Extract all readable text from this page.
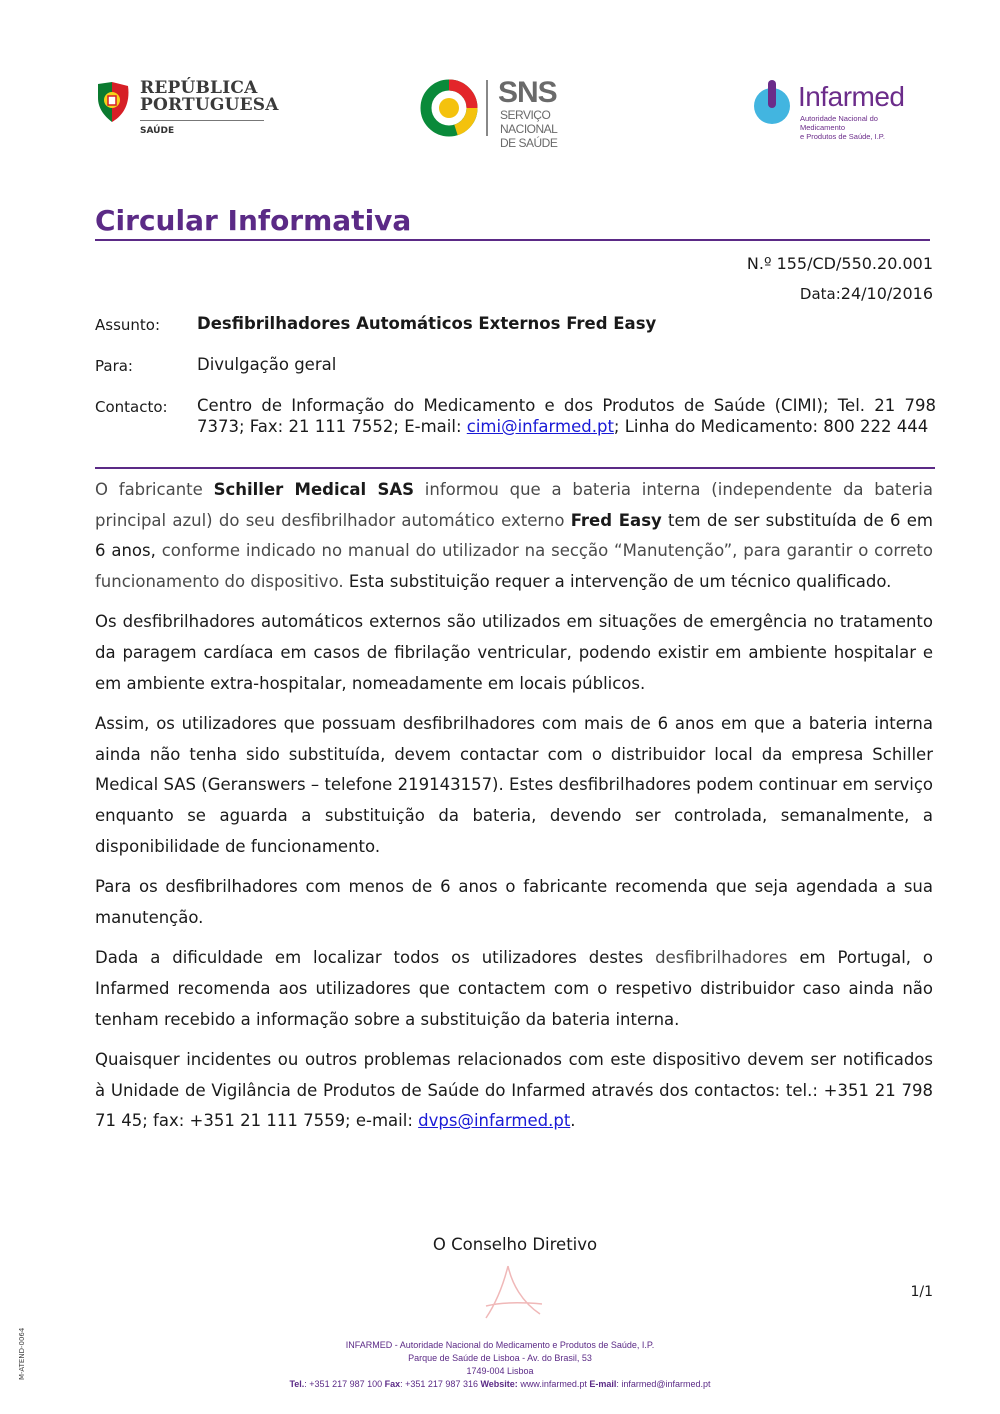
REPÚBLICA
PORTUGUESA
SAÚDE
SNS
SERVIÇO NACIONAL
DE SAÚDE
Infarmed
Autoridade Nacional do Medicamento
e Produtos de Saúde, I.P.
Circular Informativa
N.º 155/CD/550.20.001
Data:24/10/2016
Assunto: Desfibrilhadores Automáticos Externos Fred Easy
Para:	Divulgação geral
Contacto: Centro de Informação do Medicamento e dos Produtos de Saúde (CIMI); Tel. 21 798 7373; Fax: 21 111 7552; E-mail: cimi@infarmed.pt; Linha do Medicamento: 800 222 444

O fabricante Schiller Medical SAS informou que a bateria interna (independente da bateria principal azul) do seu desfibrilhador automático externo Fred Easy tem de ser substituída de 6 em 6 anos, conforme indicado no manual do utilizador na secção “Manutenção”, para garantir o correto funcionamento do dispositivo. Esta substituição requer a intervenção de um técnico qualificado.

Os desfibrilhadores automáticos externos são utilizados em situações de emergência no tratamento da paragem cardíaca em casos de fibrilação ventricular, podendo existir em ambiente hospitalar e em ambiente extra-hospitalar, nomeadamente em locais públicos.

Assim, os utilizadores que possuam desfibrilhadores com mais de 6 anos em que a bateria interna ainda não tenha sido substituída, devem contactar com o distribuidor local da empresa Schiller Medical SAS (Geranswers – telefone 219143157). Estes desfibrilhadores podem continuar em serviço enquanto se aguarda a substituição da bateria, devendo ser controlada, semanalmente, a disponibilidade de funcionamento.

Para os desfibrilhadores com menos de 6 anos o fabricante recomenda que seja agendada a sua manutenção.

Dada a dificuldade em localizar todos os utilizadores destes desfibrilhadores em Portugal, o Infarmed recomenda aos utilizadores que contactem com o respetivo distribuidor caso ainda não tenham recebido a informação sobre a substituição da bateria interna.

Quaisquer incidentes ou outros problemas relacionados com este dispositivo devem ser notificados à Unidade de Vigilância de Produtos de Saúde do Infarmed através dos contactos: tel.: +351 21 798 71 45; fax: +351 21 111 7559; e-mail: dvps@infarmed.pt.

O Conselho Diretivo
1/1
M-ATEND-0064	INFARMED - Autoridade Nacional do Medicamento e Produtos de Saúde, I.P.
Parque de Saúde de Lisboa - Av. do Brasil, 53
1749-004 Lisboa
Tel.: +351 217 987 100 Fax: +351 217 987 316 Website: www.infarmed.pt E-mail: infarmed@infarmed.pt
